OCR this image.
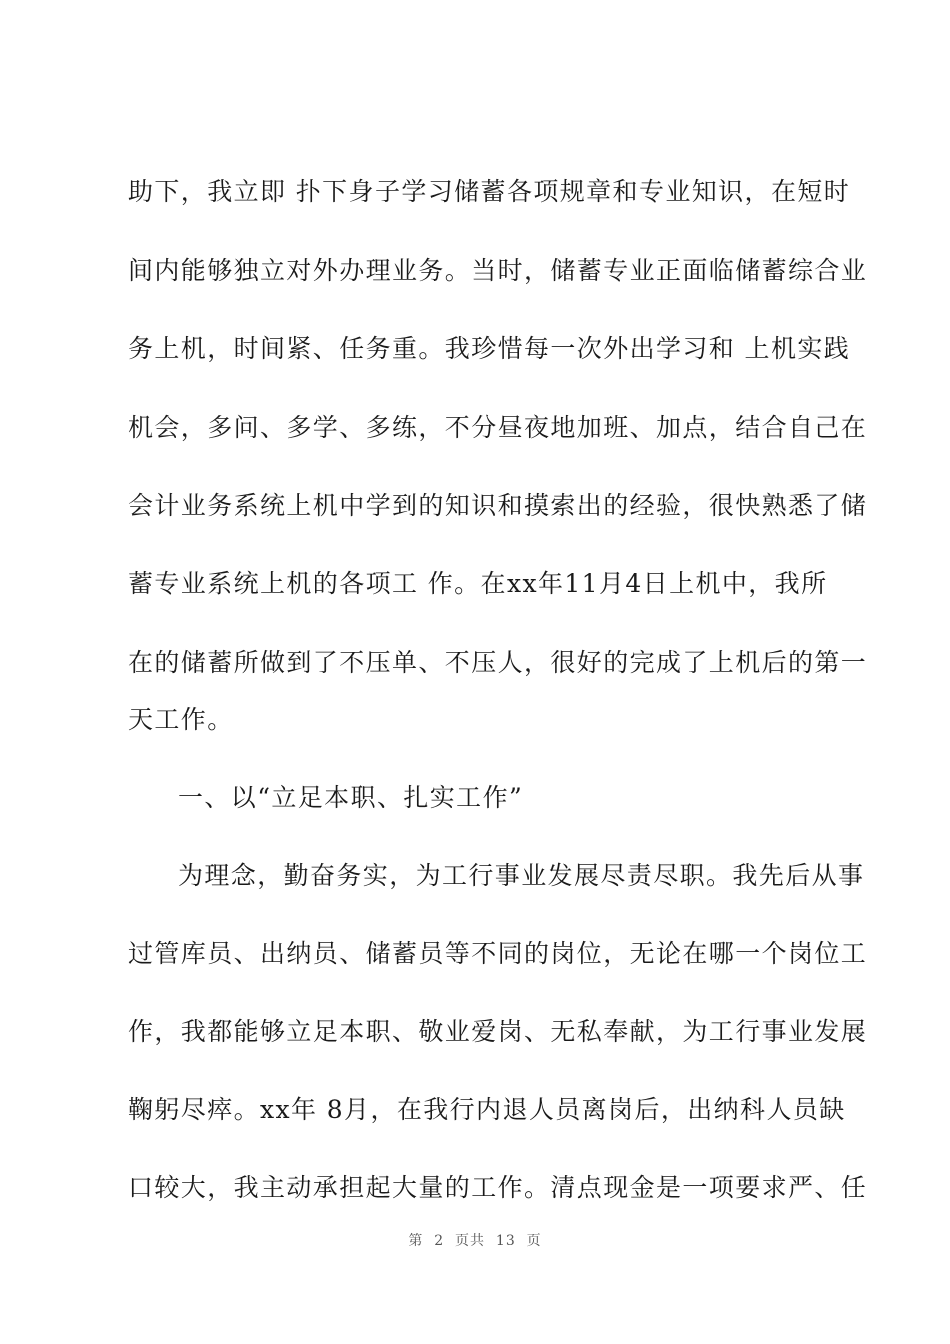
助下，我立即 扑下身子学习储蓄各项规章和专业知识，在短时
间内能够独立对外办理业务。当时，储蓄专业正面临储蓄综合业
务上机，时间紧、任务重。我珍惜每一次外出学习和 上机实践
机会，多问、多学、多练，不分昼夜地加班、加点，结合自己在
会计业务系统上机中学到的知识和摸索出的经验，很快熟悉了储
蓄专业系统上机的各项工 作。在xx年11月4日上机中，我所
在的储蓄所做到了不压单、不压人，很好的完成了上机后的第一
天工作。
一、以“立足本职、扎实工作”
为理念，勤奋务实，为工行事业发展尽责尽职。我先后从事
过管库员、出纳员、储蓄员等不同的岗位，无论在哪一个岗位工
作，我都能够立足本职、敬业爱岗、无私奉献，为工行事业发展
鞠躬尽瘁。xx年 8月，在我行内退人员离岗后，出纳科人员缺
口较大，我主动承担起大量的工作。清点现金是一项要求严、任
第  2  页共  13  页
